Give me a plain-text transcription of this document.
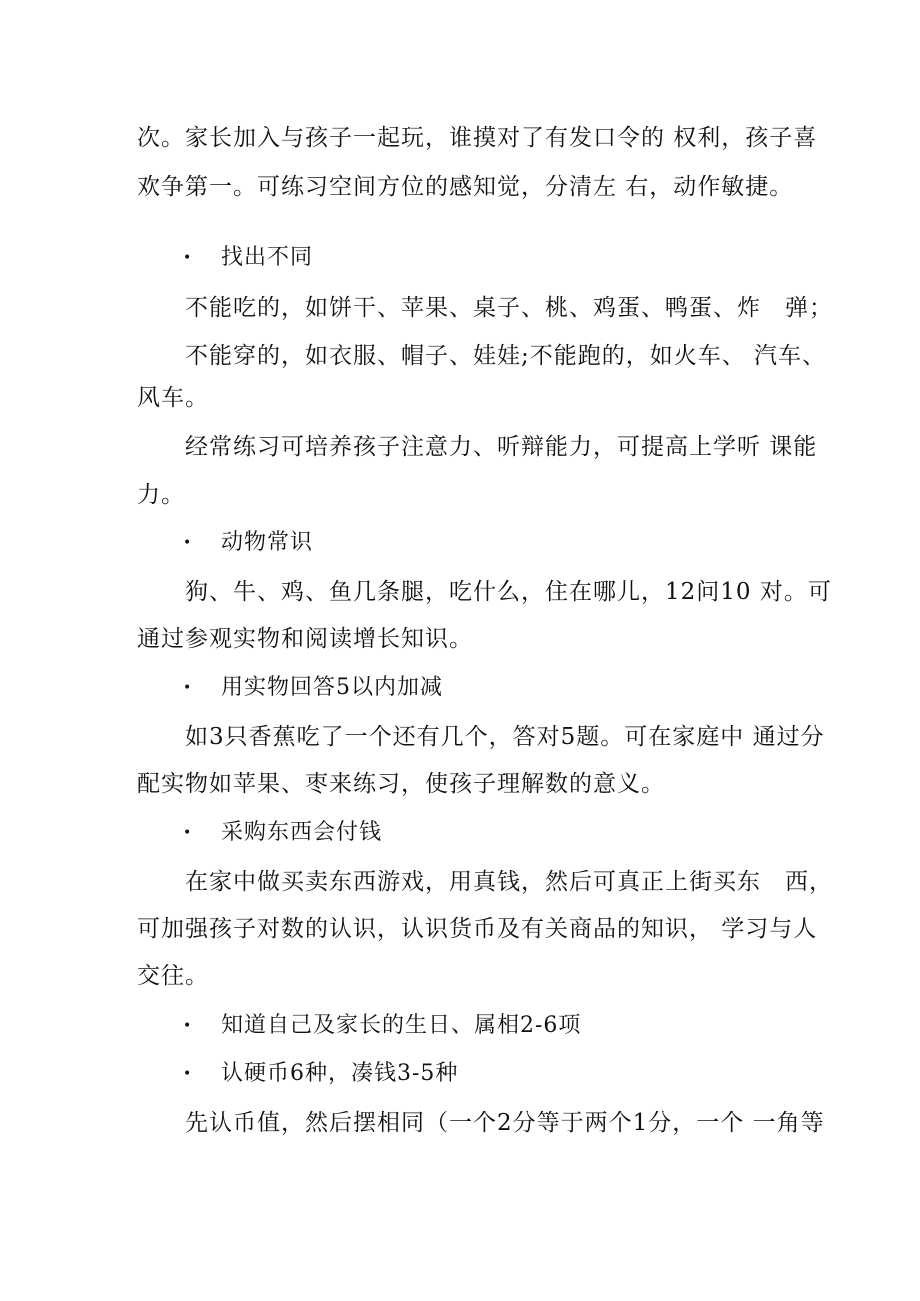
次。家长加入与孩子一起玩，谁摸对了有发口令的 权利，孩子喜
欢争第一。可练习空间方位的感知觉，分清左 右，动作敏捷。
• 找出不同
不能吃的，如饼干、苹果、桌子、桃、鸡蛋、鸭蛋、炸　弹；
不能穿的，如衣服、帽子、娃娃;不能跑的，如火车、 汽车、
风车。
经常练习可培养孩子注意力、听辩能力，可提高上学听 课能
力。
• 动物常识
狗、牛、鸡、鱼几条腿，吃什么，住在哪儿，12问10 对。可
通过参观实物和阅读增长知识。
• 用实物回答5以内加减
如3只香蕉吃了一个还有几个，答对5题。可在家庭中 通过分
配实物如苹果、枣来练习，使孩子理解数的意义。
• 采购东西会付钱
在家中做买卖东西游戏，用真钱，然后可真正上街买东　西，
可加强孩子对数的认识，认识货币及有关商品的知识， 学习与人
交往。
• 知道自己及家长的生日、属相2-6项
• 认硬币6种，凑钱3-5种
先认币值，然后摆相同（一个2分等于两个1分，一个 一角等
